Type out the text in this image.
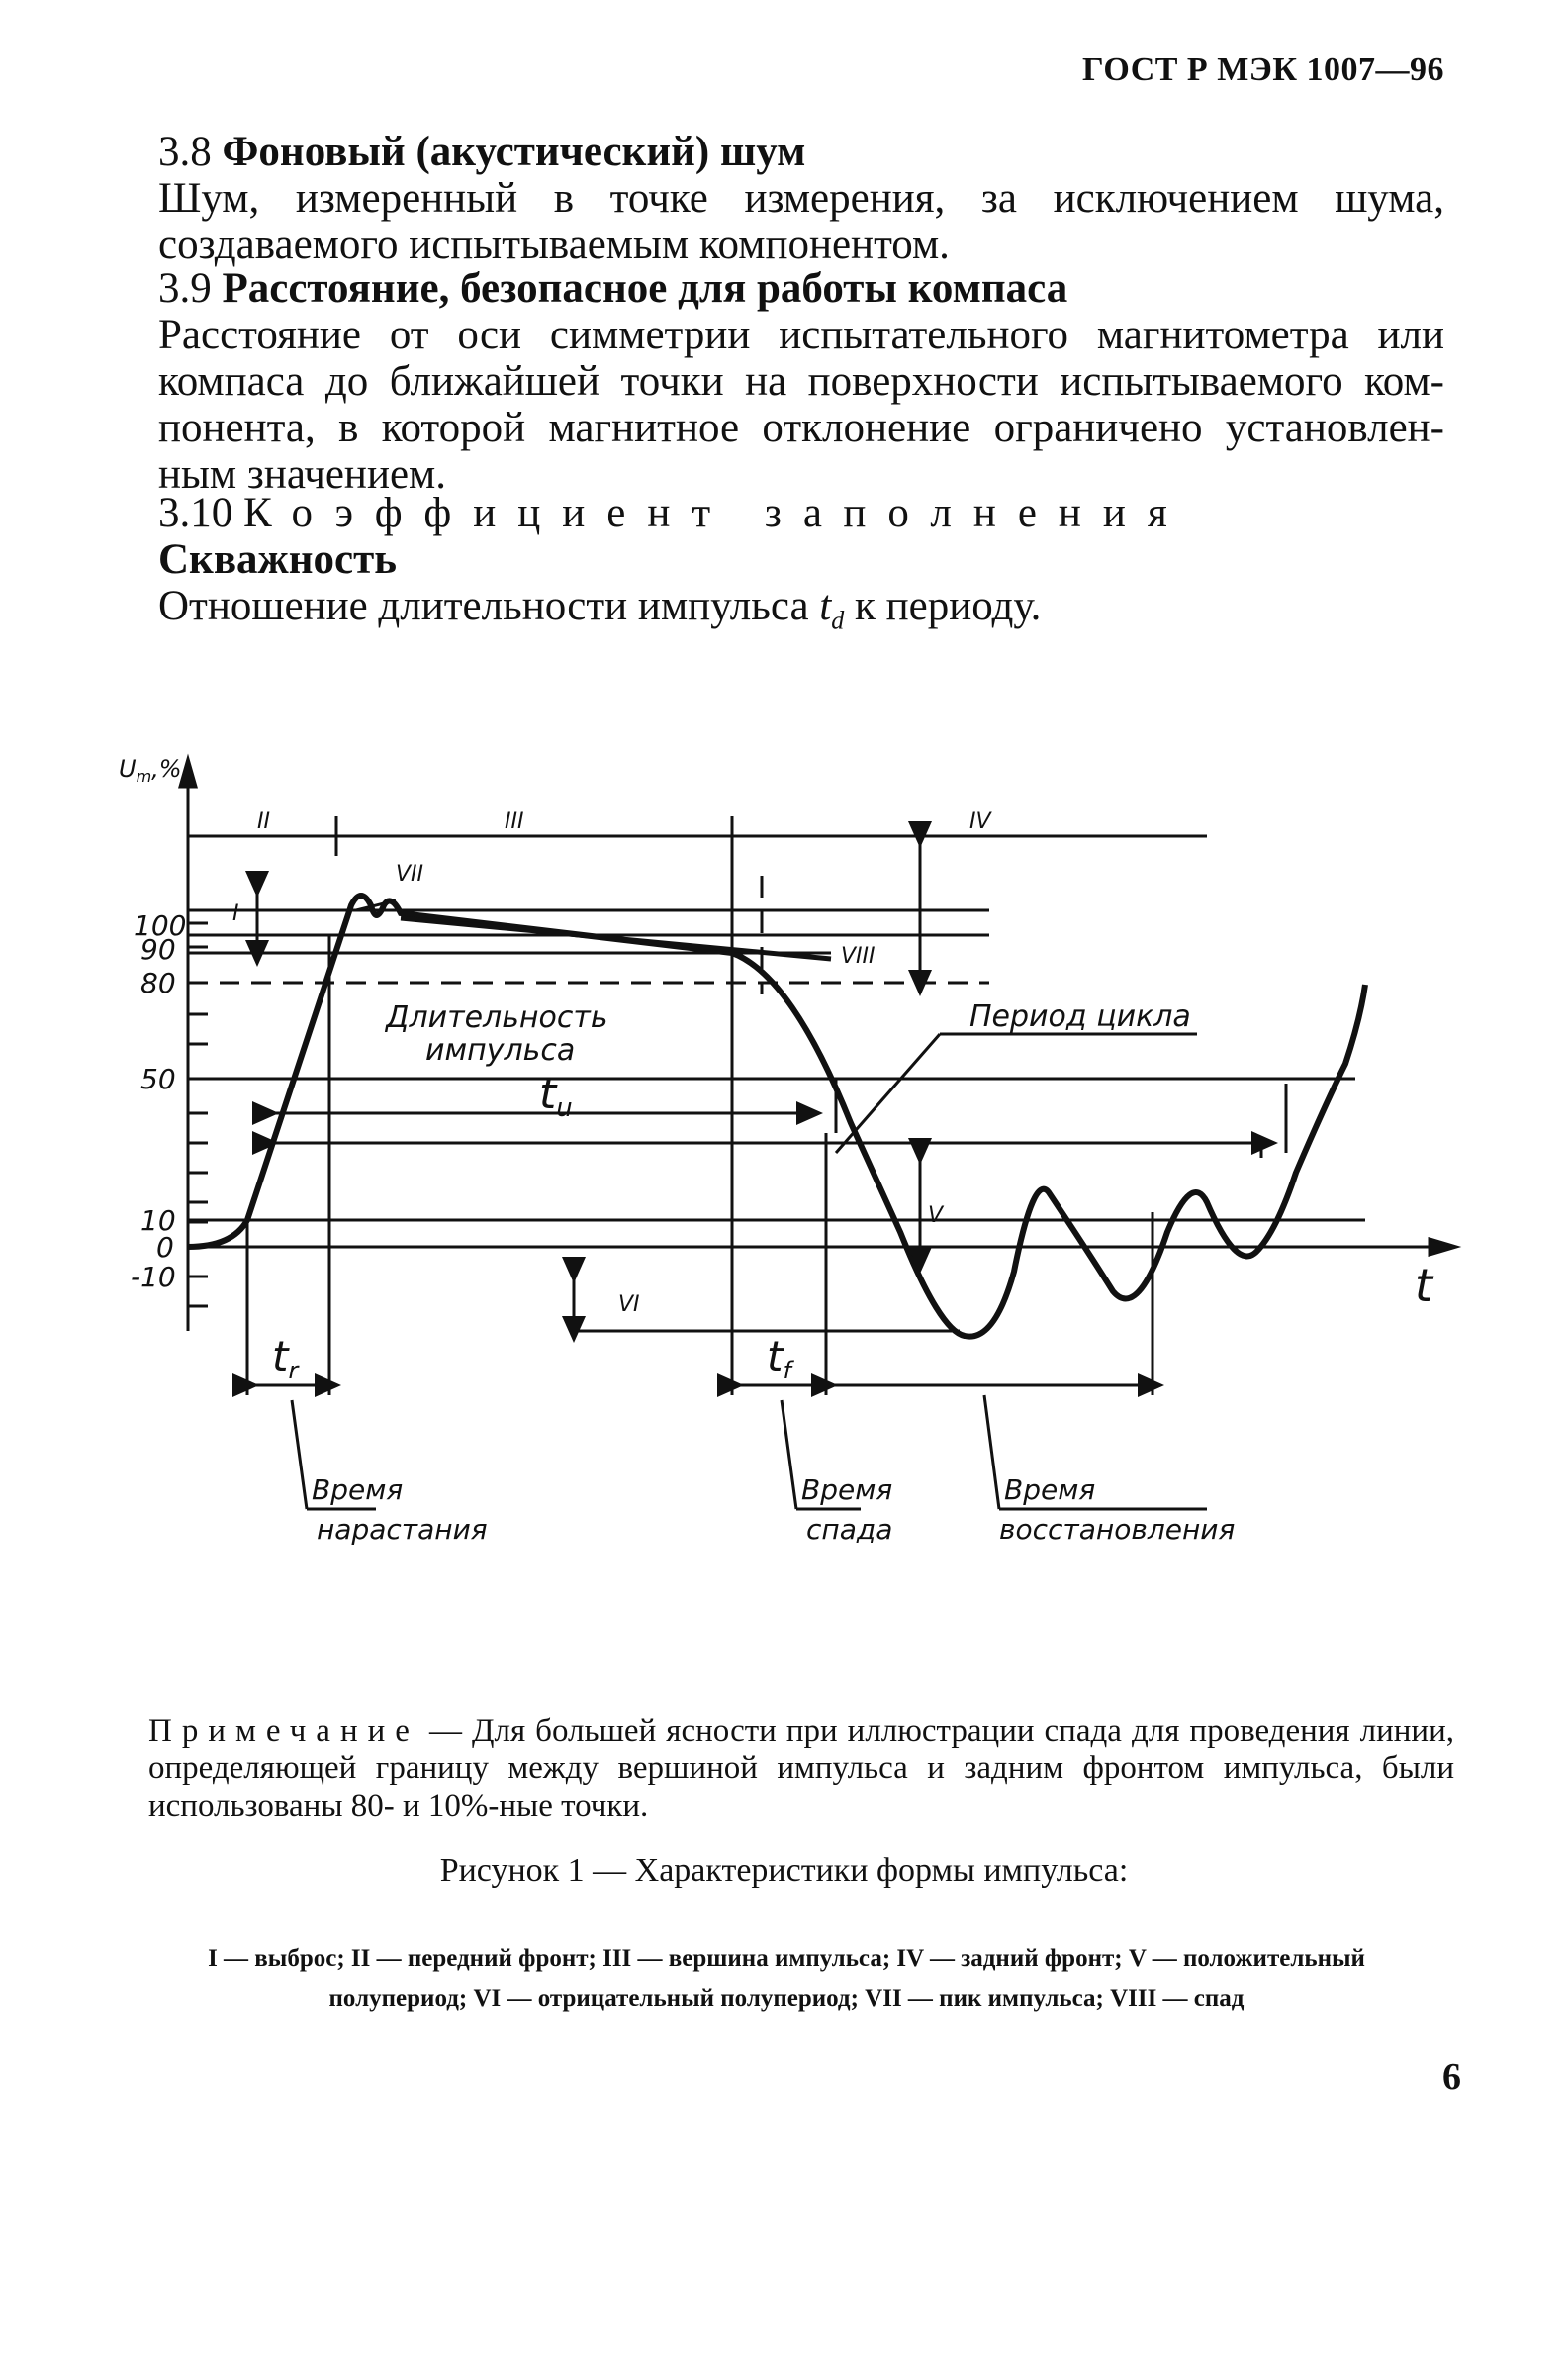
ГОСТ Р МЭК 1007—96

3.8 Фоновый (акустический) шум

Шум, измеренный в точке измерения, за исключением шума, создаваемого испытываемым компонентом.

3.9 Расстояние, безопасное для работы компаса

Расстояние от оси симметрии испытательного магнитометра или компаса до ближайшей точки на поверхности испытываемого ком-понента, в которой магнитное отклонение ограничено установлен-ным значением.

3.10 Коэффициент заполнения

Скважность

Отношение длительности импульса $t_d$ к периоду.

$U_m,\%$
t
100
90
80
50
10
0
-10
II	III	IV
I
VII
VIII
V
VI
Длительность
импульса
tu
Период цикла
tr	tf
Время
нарастания
Время
спада
Время
восстановления
Примечание — Для большей ясности при иллюстрации спада для проведения линии, определяющей границу между вершиной импульса и задним фронтом импульса, были использованы 80- и 10%-ные точки.
Рисунок 1 — Характеристики формы импульса:
I — выброс; II — передний фронт; III — вершина импульса; IV — задний фронт; V — положительный полупериод; VI — отрицательный полупериод; VII — пик импульса; VIII — спад
6
